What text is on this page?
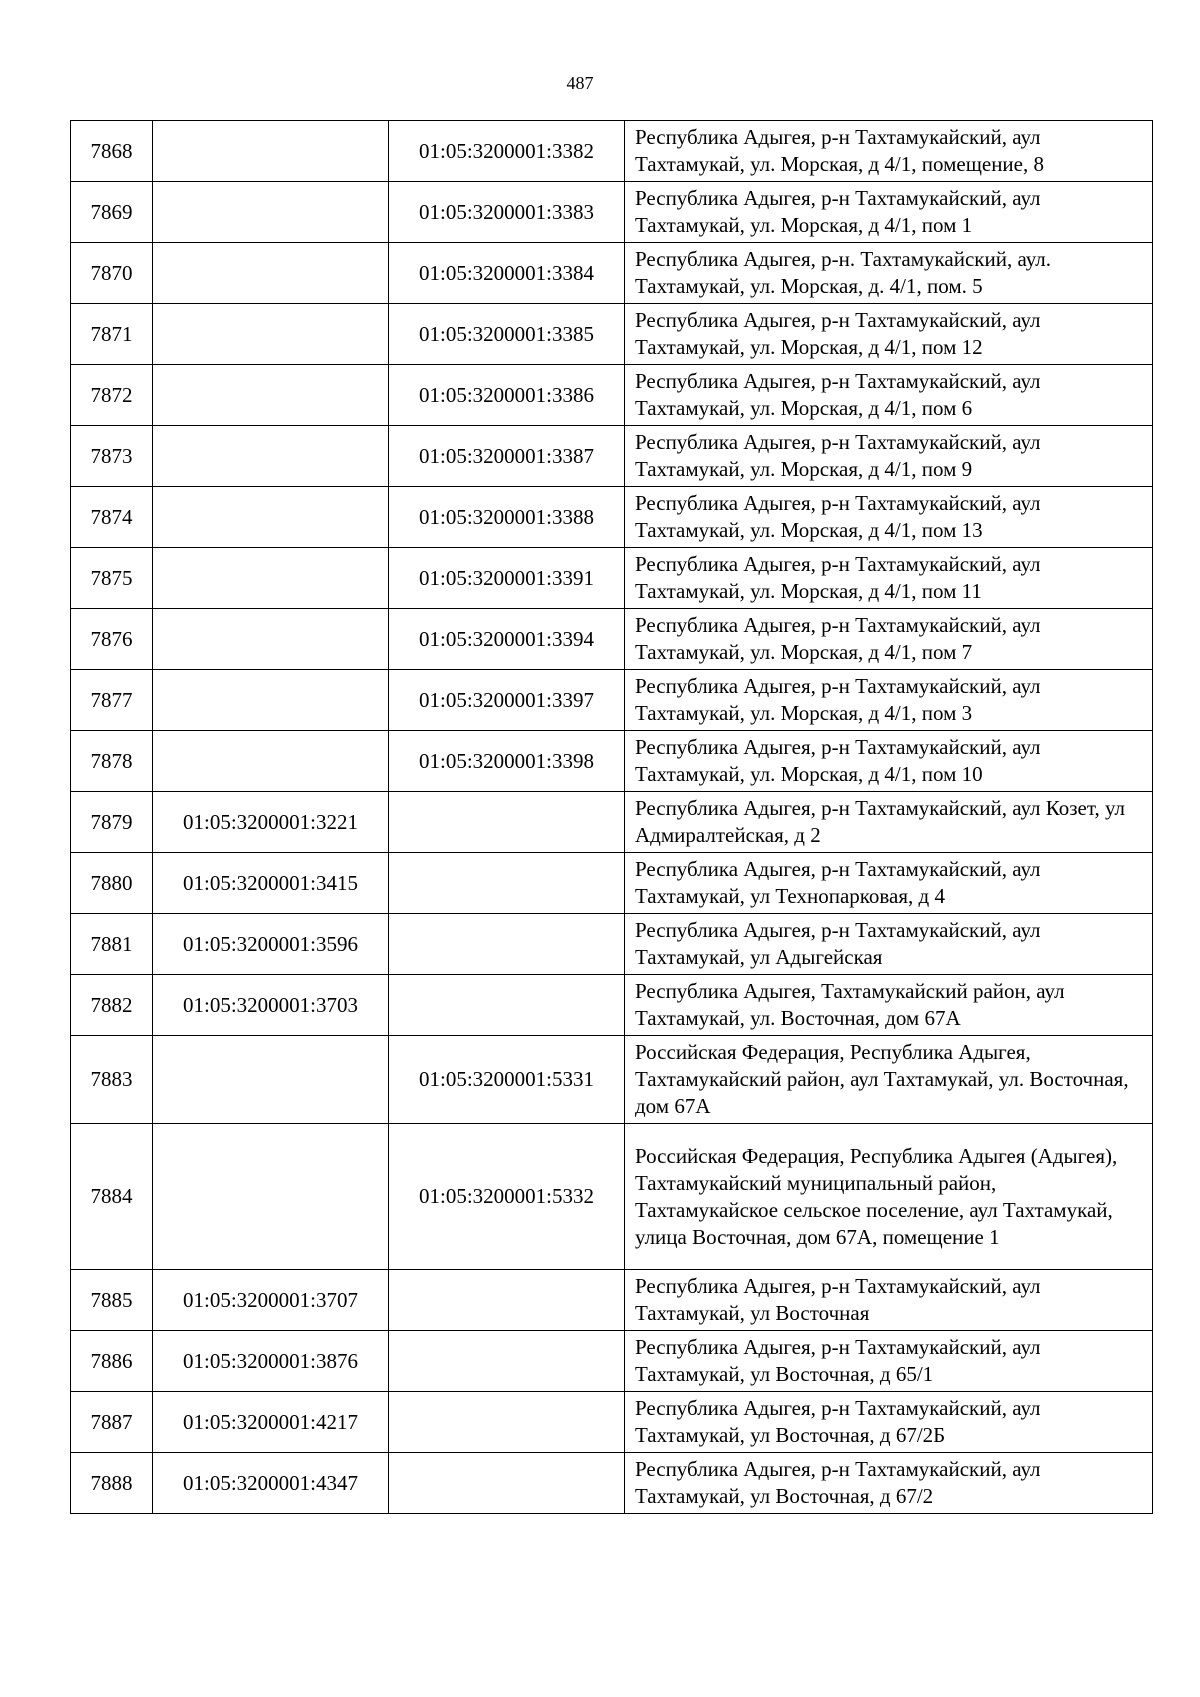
487
7868		01:05:3200001:3382	Республика Адыгея, р-н Тахтамукайский, аул Тахтамукай, ул. Морская, д 4/1, помещение, 8
7869		01:05:3200001:3383	Республика Адыгея, р-н Тахтамукайский, аул Тахтамукай, ул. Морская, д 4/1, пом 1
7870		01:05:3200001:3384	Республика Адыгея, р-н. Тахтамукайский, аул. Тахтамукай, ул. Морская, д. 4/1, пом. 5
7871		01:05:3200001:3385	Республика Адыгея, р-н Тахтамукайский, аул Тахтамукай, ул. Морская, д 4/1, пом 12
7872		01:05:3200001:3386	Республика Адыгея, р-н Тахтамукайский, аул Тахтамукай, ул. Морская, д 4/1, пом 6
7873		01:05:3200001:3387	Республика Адыгея, р-н Тахтамукайский, аул Тахтамукай, ул. Морская, д 4/1, пом 9
7874		01:05:3200001:3388	Республика Адыгея, р-н Тахтамукайский, аул Тахтамукай, ул. Морская, д 4/1, пом 13
7875		01:05:3200001:3391	Республика Адыгея, р-н Тахтамукайский, аул Тахтамукай, ул. Морская, д 4/1, пом 11
7876		01:05:3200001:3394	Республика Адыгея, р-н Тахтамукайский, аул Тахтамукай, ул. Морская, д 4/1, пом 7
7877		01:05:3200001:3397	Республика Адыгея, р-н Тахтамукайский, аул Тахтамукай, ул. Морская, д 4/1, пом 3
7878		01:05:3200001:3398	Республика Адыгея, р-н Тахтамукайский, аул Тахтамукай, ул. Морская, д 4/1, пом 10
7879	01:05:3200001:3221		Республика Адыгея, р-н Тахтамукайский, аул Козет, ул Адмиралтейская, д 2
7880	01:05:3200001:3415		Республика Адыгея, р-н Тахтамукайский, аул Тахтамукай, ул Технопарковая, д 4
7881	01:05:3200001:3596		Республика Адыгея, р-н Тахтамукайский, аул Тахтамукай, ул Адыгейская
7882	01:05:3200001:3703		Республика Адыгея, Тахтамукайский район, аул Тахтамукай, ул. Восточная, дом 67А
7883		01:05:3200001:5331	Российская Федерация, Республика Адыгея, Тахтамукайский район, аул Тахтамукай, ул. Восточная, дом 67А
7884		01:05:3200001:5332	Российская Федерация, Республика Адыгея (Адыгея), Тахтамукайский муниципальный район, Тахтамукайское сельское поселение, аул Тахтамукай, улица Восточная, дом 67А, помещение 1
7885	01:05:3200001:3707		Республика Адыгея, р-н Тахтамукайский, аул Тахтамукай, ул Восточная
7886	01:05:3200001:3876		Республика Адыгея, р-н Тахтамукайский, аул Тахтамукай, ул Восточная, д 65/1
7887	01:05:3200001:4217		Республика Адыгея, р-н Тахтамукайский, аул Тахтамукай, ул Восточная, д 67/2Б
7888	01:05:3200001:4347		Республика Адыгея, р-н Тахтамукайский, аул Тахтамукай, ул Восточная, д 67/2
